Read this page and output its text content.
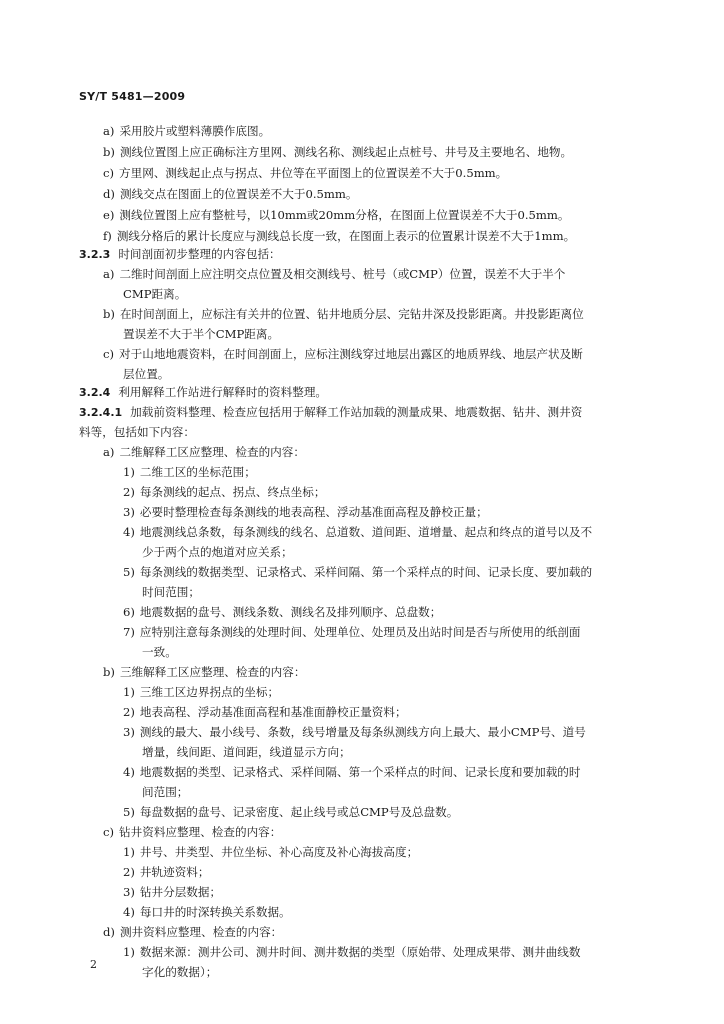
SY/T 5481—2009
a) 采用胶片或塑料薄膜作底图。
b) 测线位置图上应正确标注方里网、测线名称、测线起止点桩号、井号及主要地名、地物。
c) 方里网、测线起止点与拐点、井位等在平面图上的位置误差不大于0.5mm。
d) 测线交点在图面上的位置误差不大于0.5mm。
e) 测线位置图上应有整桩号，以10mm或20mm分格，在图面上位置误差不大于0.5mm。
f) 测线分格后的累计长度应与测线总长度一致，在图面上表示的位置累计误差不大于1mm。
3.2.3 时间剖面初步整理的内容包括：
a) 二维时间剖面上应注明交点位置及相交测线号、桩号（或CMP）位置，误差不大于半个
CMP距离。
b) 在时间剖面上，应标注有关井的位置、钻井地质分层、完钻井深及投影距离。井投影距离位
置误差不大于半个CMP距离。
c) 对于山地地震资料，在时间剖面上，应标注测线穿过地层出露区的地质界线、地层产状及断
层位置。
3.2.4 利用解释工作站进行解释时的资料整理。
3.2.4.1 加载前资料整理、检查应包括用于解释工作站加载的测量成果、地震数据、钻井、测井资
料等，包括如下内容：
a) 二维解释工区应整理、检查的内容：
1) 二维工区的坐标范围；
2) 每条测线的起点、拐点、终点坐标；
3) 必要时整理检查每条测线的地表高程、浮动基准面高程及静校正量；
4) 地震测线总条数，每条测线的线名、总道数、道间距、道增量、起点和终点的道号以及不
少于两个点的炮道对应关系；
5) 每条测线的数据类型、记录格式、采样间隔、第一个采样点的时间、记录长度、要加载的
时间范围；
6) 地震数据的盘号、测线条数、测线名及排列顺序、总盘数；
7) 应特别注意每条测线的处理时间、处理单位、处理员及出站时间是否与所使用的纸剖面
一致。
b) 三维解释工区应整理、检查的内容：
1) 三维工区边界拐点的坐标；
2) 地表高程、浮动基准面高程和基准面静校正量资料；
3) 测线的最大、最小线号、条数，线号增量及每条纵测线方向上最大、最小CMP号、道号
增量，线间距、道间距，线道显示方向；
4) 地震数据的类型、记录格式、采样间隔、第一个采样点的时间、记录长度和要加载的时
间范围；
5) 每盘数据的盘号、记录密度、起止线号或总CMP号及总盘数。
c) 钻井资料应整理、检查的内容：
1) 井号、井类型、井位坐标、补心高度及补心海拔高度；
2) 井轨迹资料；
3) 钻井分层数据；
4) 每口井的时深转换关系数据。
d) 测井资料应整理、检查的内容：
1) 数据来源：测井公司、测井时间、测井数据的类型（原始带、处理成果带、测井曲线数
字化的数据）；
2
